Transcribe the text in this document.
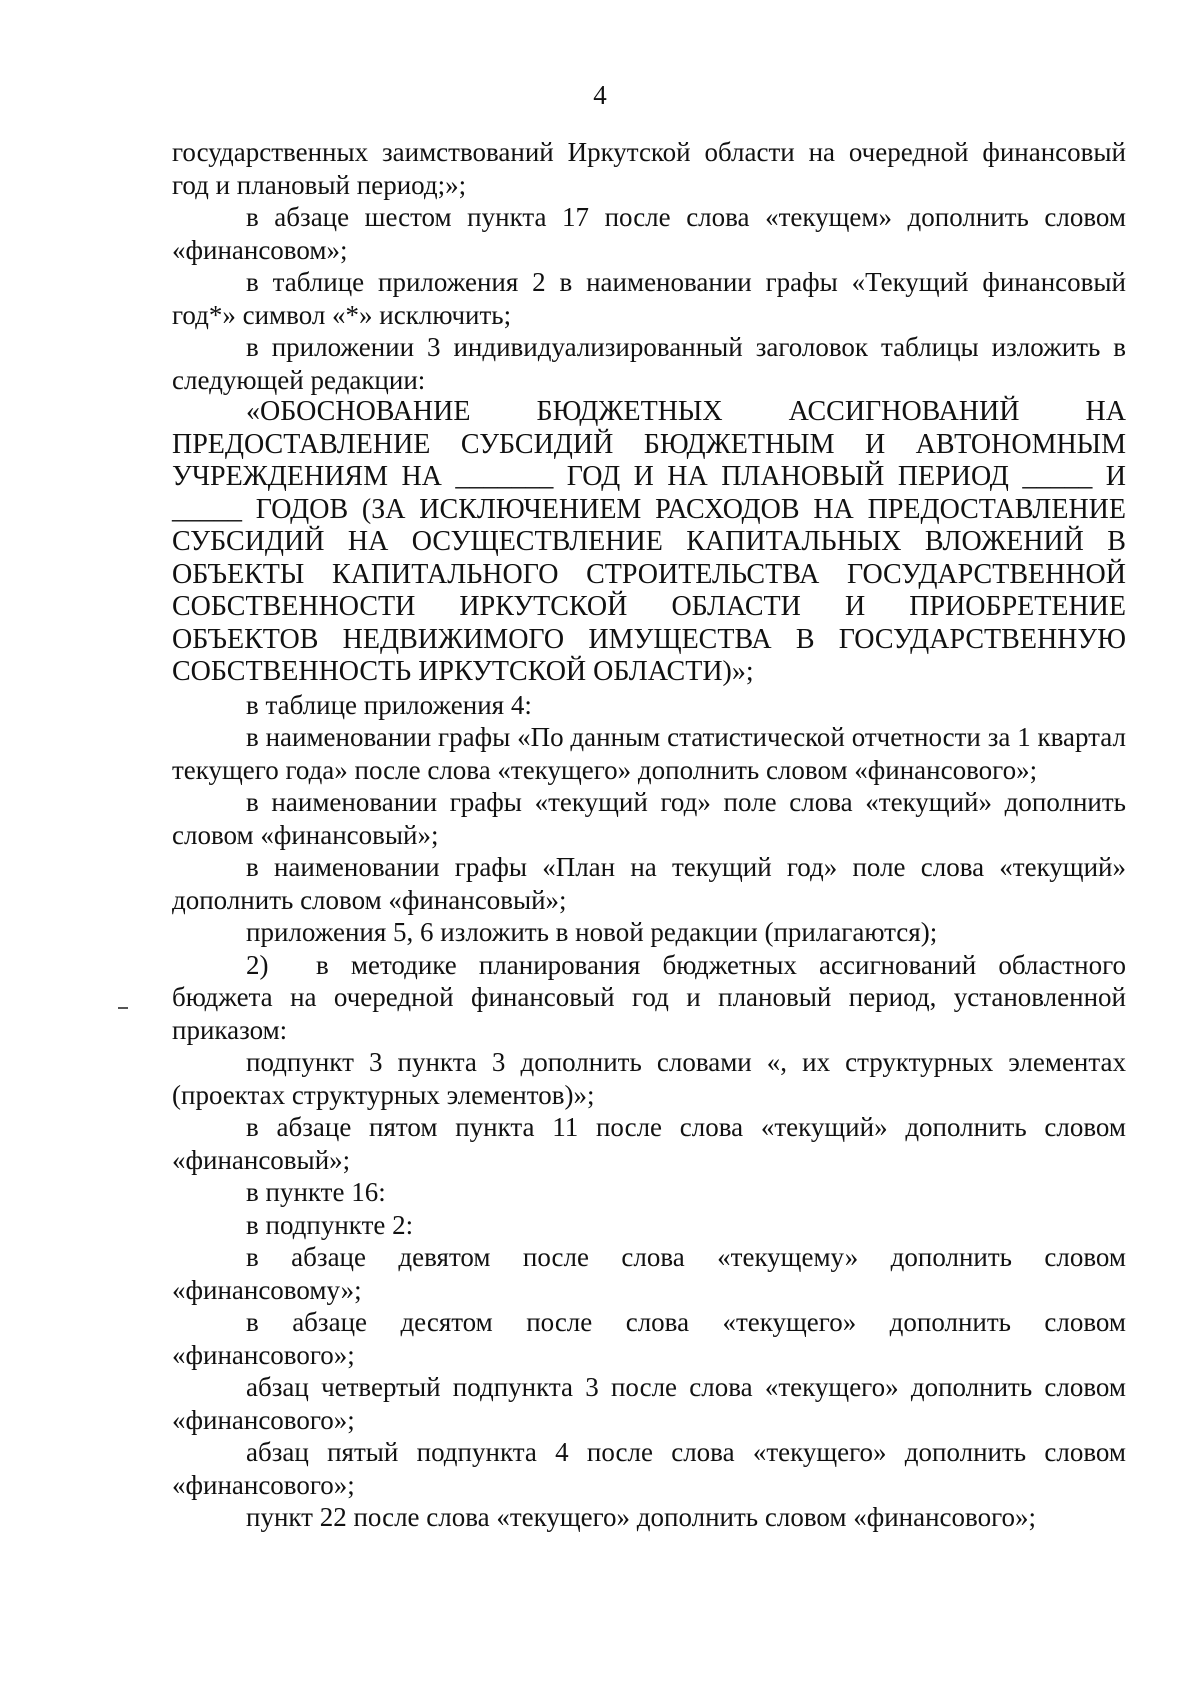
4

государственных заимствований Иркутской области на очередной финансовый год и плановый период;»;

в абзаце шестом пункта 17 после слова «текущем» дополнить словом «финансовом»;

в таблице приложения 2 в наименовании графы «Текущий финансовый год*» символ «*» исключить;

в приложении 3 индивидуализированный заголовок таблицы изложить в следующей редакции:

«ОБОСНОВАНИЕ БЮДЖЕТНЫХ АССИГНОВАНИЙ НА ПРЕДОСТАВЛЕНИЕ СУБСИДИЙ БЮДЖЕТНЫМ И АВТОНОМНЫМ УЧРЕЖДЕНИЯМ НА _______ ГОД И НА ПЛАНОВЫЙ ПЕРИОД _____ И _____ ГОДОВ (ЗА ИСКЛЮЧЕНИЕМ РАСХОДОВ НА ПРЕДОСТАВЛЕНИЕ СУБСИДИЙ НА ОСУЩЕСТВЛЕНИЕ КАПИТАЛЬНЫХ ВЛОЖЕНИЙ В ОБЪЕКТЫ КАПИТАЛЬНОГО СТРОИТЕЛЬСТВА ГОСУДАРСТВЕННОЙ СОБСТВЕННОСТИ ИРКУТСКОЙ ОБЛАСТИ И ПРИОБРЕТЕНИЕ ОБЪЕКТОВ НЕДВИЖИМОГО ИМУЩЕСТВА В ГОСУДАРСТВЕННУЮ СОБСТВЕННОСТЬ ИРКУТСКОЙ ОБЛАСТИ)»;

в таблице приложения 4:

в наименовании графы «По данным статистической отчетности за 1 квартал текущего года» после слова «текущего» дополнить словом «финансового»;

в наименовании графы «текущий год» поле слова «текущий» дополнить словом «финансовый»;

в наименовании графы «План на текущий год» поле слова «текущий» дополнить словом «финансовый»;

приложения 5, 6 изложить в новой редакции (прилагаются);

2) в методике планирования бюджетных ассигнований областного бюджета на очередной финансовый год и плановый период, установленной приказом:

подпункт 3 пункта 3 дополнить словами «, их структурных элементах (проектах структурных элементов)»;

в абзаце пятом пункта 11 после слова «текущий» дополнить словом «финансовый»;

в пункте 16:

в подпункте 2:

в абзаце девятом после слова «текущему» дополнить словом «финансовому»;

в абзаце десятом после слова «текущего» дополнить словом «финансового»;

абзац четвертый подпункта 3 после слова «текущего» дополнить словом «финансового»;

абзац пятый подпункта 4 после слова «текущего» дополнить словом «финансового»;

пункт 22 после слова «текущего» дополнить словом «финансового»;
